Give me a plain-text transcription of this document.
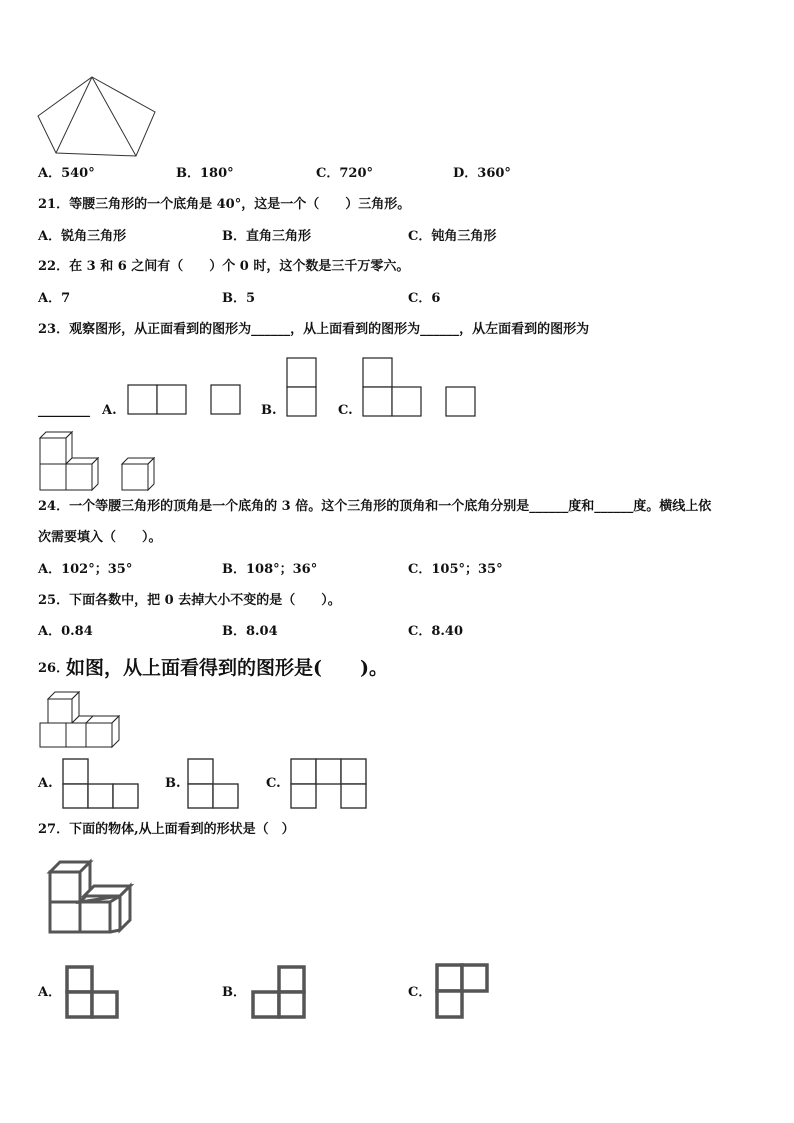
A．540°	B．180°	C．720°	D．360°
21．等腰三角形的一个底角是 40°，这是一个（　　）三角形。
A．锐角三角形	B．直角三角形	C．钝角三角形
22．在 3 和 6 之间有（　　）个 0 时，这个数是三千万零六。
A．7	B．5	C．6
23．观察图形，从正面看到的图形为______，从上面看到的图形为______，从左面看到的图形为
________ A.	B.	C.
24．一个等腰三角形的顶角是一个底角的 3 倍。这个三角形的顶角和一个底角分别是______度和______度。横线上依
次需要填入（　　）。
A．102°；35°	B．108°；36°	C．105°；35°
25．下面各数中，把 0 去掉大小不变的是（　　）。
A．0.84	B．8.04	C．8.40
26．
如图，从上面看得到的图形是(　　)。
A.	B.	C.
27．下面的物体,从上面看到的形状是（　）
A．	B．	C．
